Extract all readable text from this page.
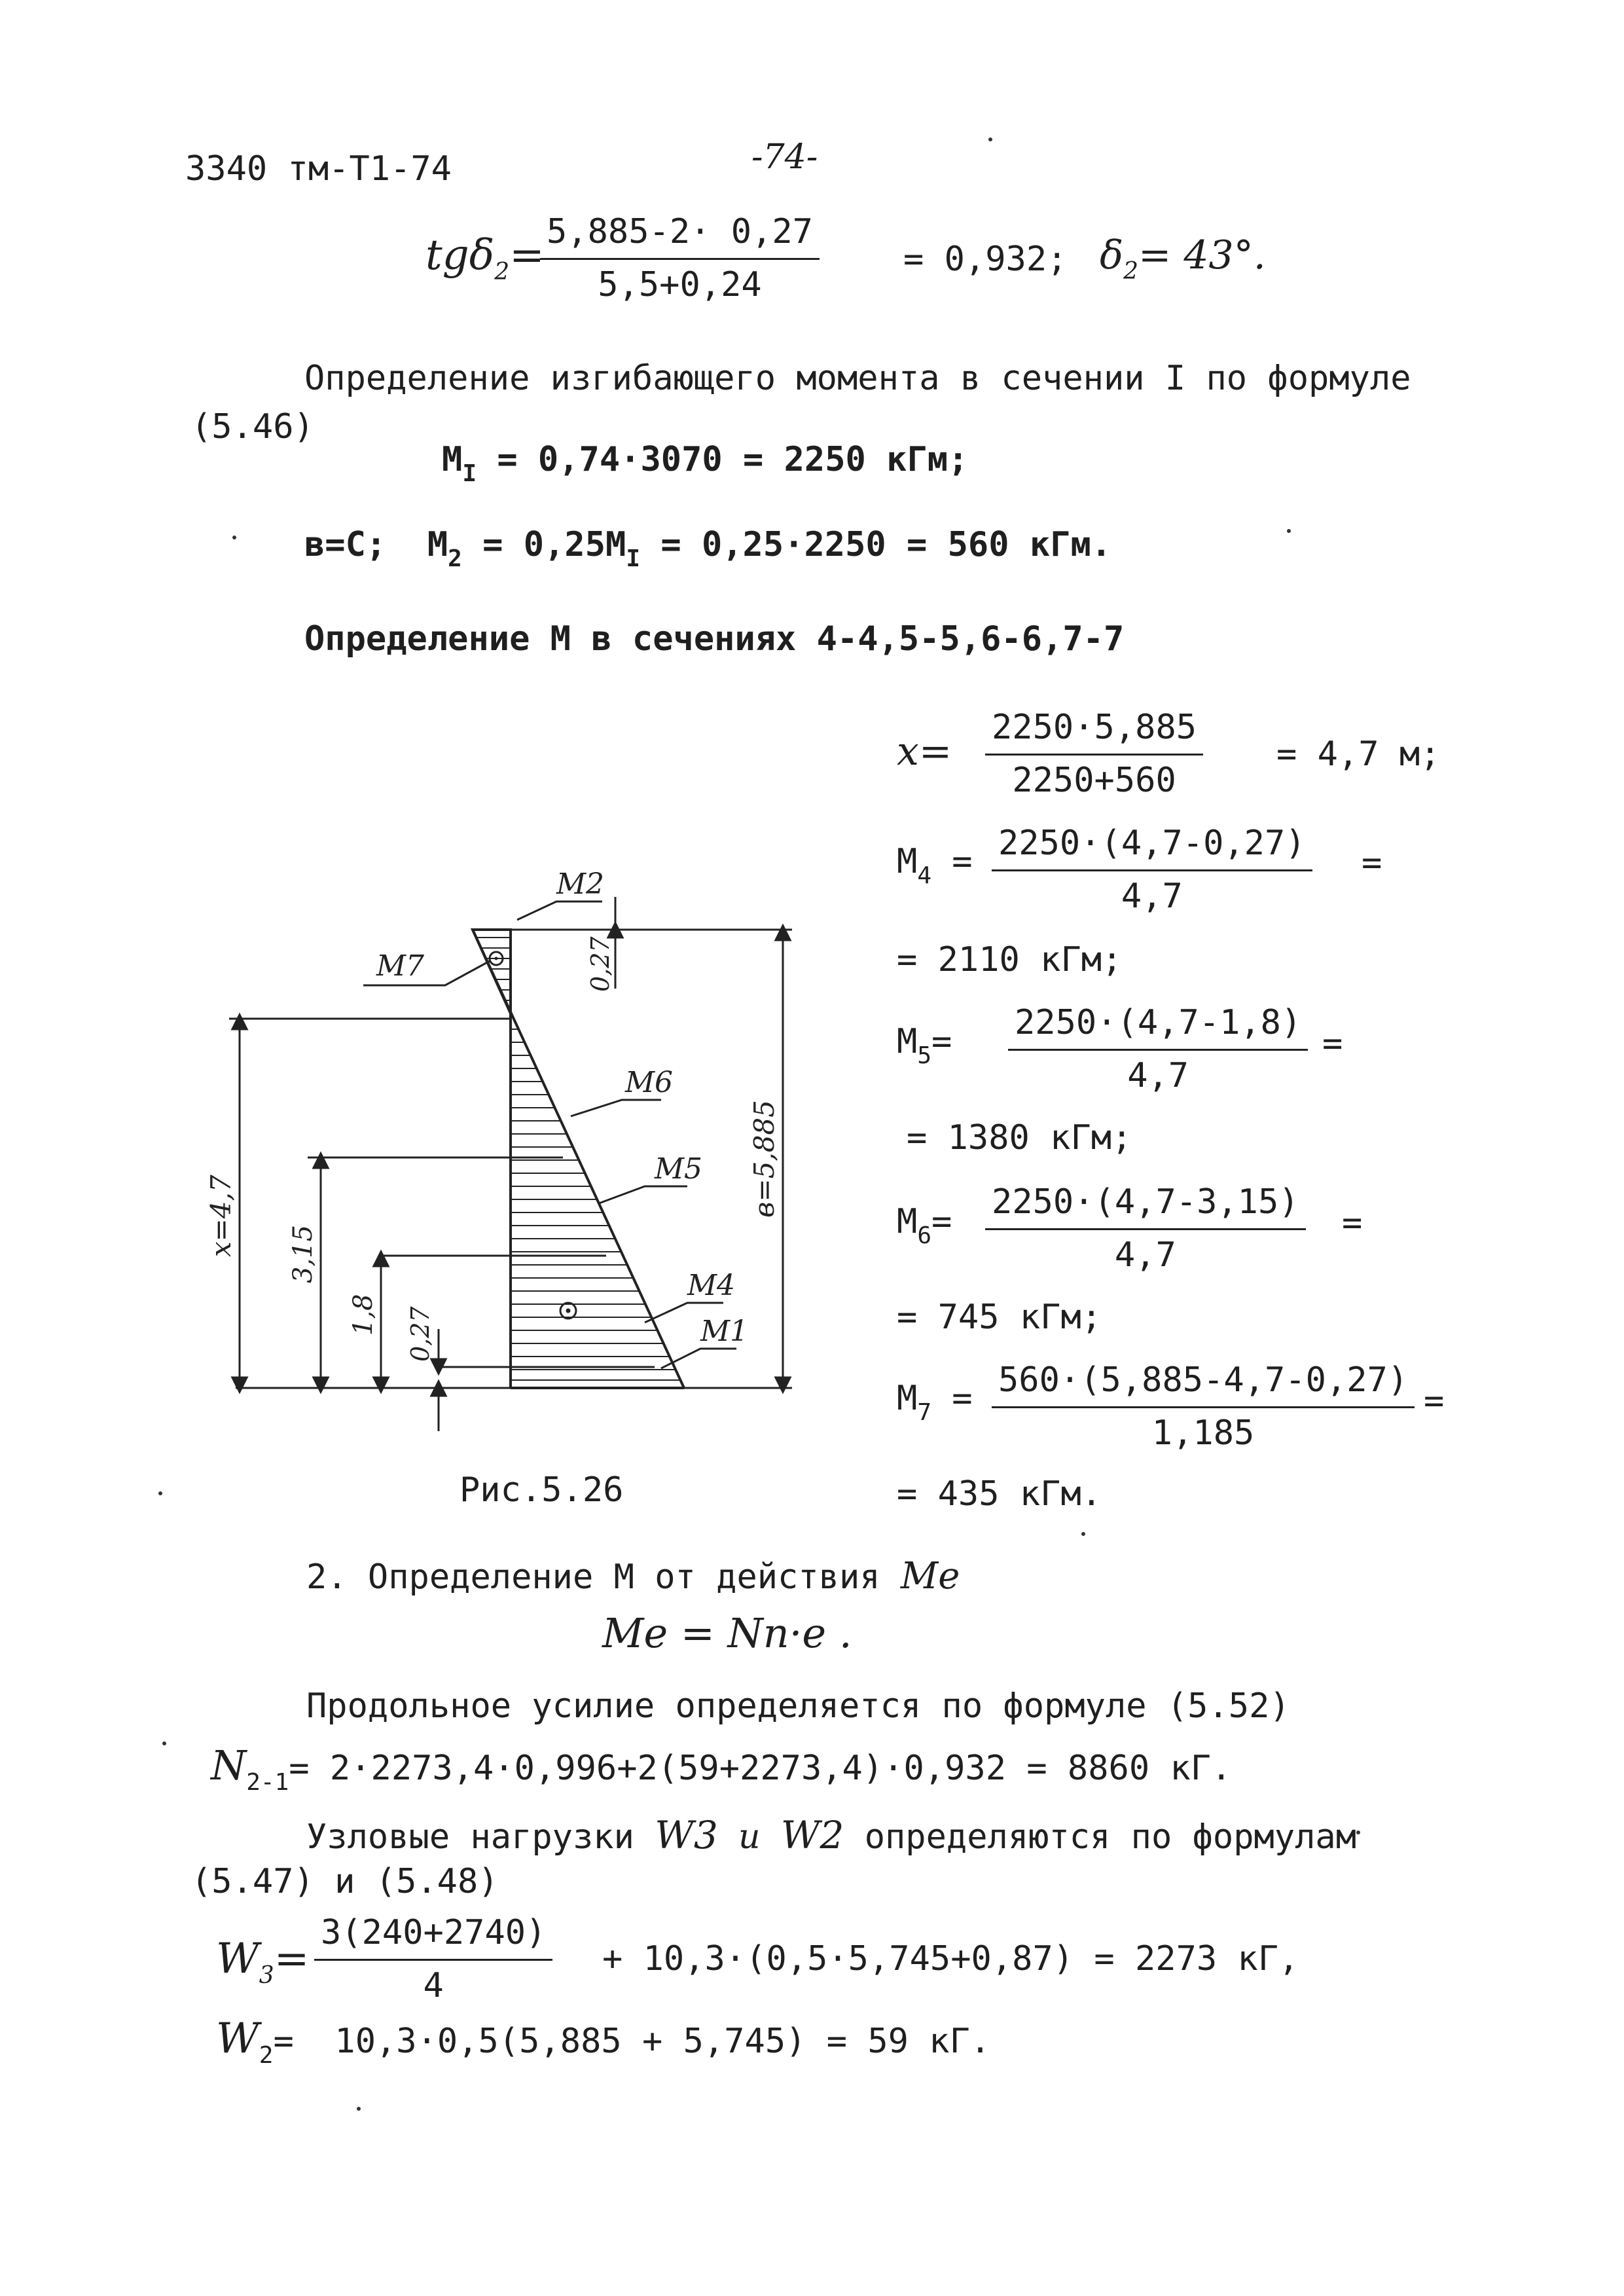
3340 тм-Т1-74	-74-
tgδ$_2$=
$\frac{5,885-2\cdot 0,27}{5,5+0,24} = 0,932$; $\delta_2= 43^\circ$.
Определение изгибающего момента в сечении I по формуле
(5.46)
$M_I = 0,74\cdot 3070 = 2250$ кГм;
в=С; $M_2 = 0,25M_I = 0,25\cdot 2250 = 560$ кГм.
Определение М в сечениях 4-4,5-5,6-6,7-7
$x= \frac{2250\cdot 5,885}{2250+560} = 4,7$ м;
$M_4 = \frac{2250\cdot(4,7-0,27)}{4,7}$ =
= 2110 кГм;
$M_5= \frac{2250\cdot(4,7-1,8)}{4,7}$ =
= 1380 кГм;
$M_6= \frac{2250\cdot(4,7-3,15)}{4,7}$ =
= 745 кГм;
$M_7 = \frac{560\cdot(5,885-4,7-0,27)}{1,185}$ =
= 435 кГм.
M2
M7
M6
M5
M4
M1
0,27
в=5,885
x=4,7 3,15
1,8 0,27
Рис.5.26
2. Определение М от действия Me
Me = Nn·e .
Продольное усилие определяется по формуле (5.52)
$N_{2-1}= 2\cdot 2273,4\cdot 0,996+2(59+2273,4)\cdot 0,932 = 8860$ кГ.
Узловые нагрузки W3 и W2 определяются по формулам
(5.47) и (5.48)
$W_3= \frac{3(240+2740)}{4} + 10,3\cdot(0,5\cdot 5,745+0,87) = 2273$ кГ,
$W_2= 10,3\cdot 0,5(5,885 + 5,745) = 59$ кГ.
